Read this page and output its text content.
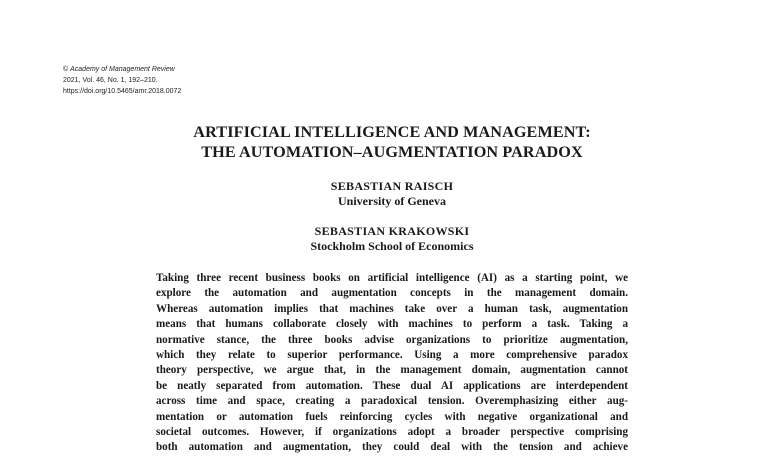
© Academy of Management Review
2021, Vol. 46, No. 1, 192–210.
https://doi.org/10.5465/amr.2018.0072
ARTIFICIAL INTELLIGENCE AND MANAGEMENT:
THE AUTOMATION–AUGMENTATION PARADOX
SEBASTIAN RAISCH
University of Geneva
SEBASTIAN KRAKOWSKI
Stockholm School of Economics
Taking three recent business books on artificial intelligence (AI) as a starting point, we
explore the automation and augmentation concepts in the management domain.
Whereas automation implies that machines take over a human task, augmentation
means that humans collaborate closely with machines to perform a task. Taking a
normative stance, the three books advise organizations to prioritize augmentation,
which they relate to superior performance. Using a more comprehensive paradox
theory perspective, we argue that, in the management domain, augmentation cannot
be neatly separated from automation. These dual AI applications are interdependent
across time and space, creating a paradoxical tension. Overemphasizing either aug-
mentation or automation fuels reinforcing cycles with negative organizational and
societal outcomes. However, if organizations adopt a broader perspective comprising
both automation and augmentation, they could deal with the tension and achieve
